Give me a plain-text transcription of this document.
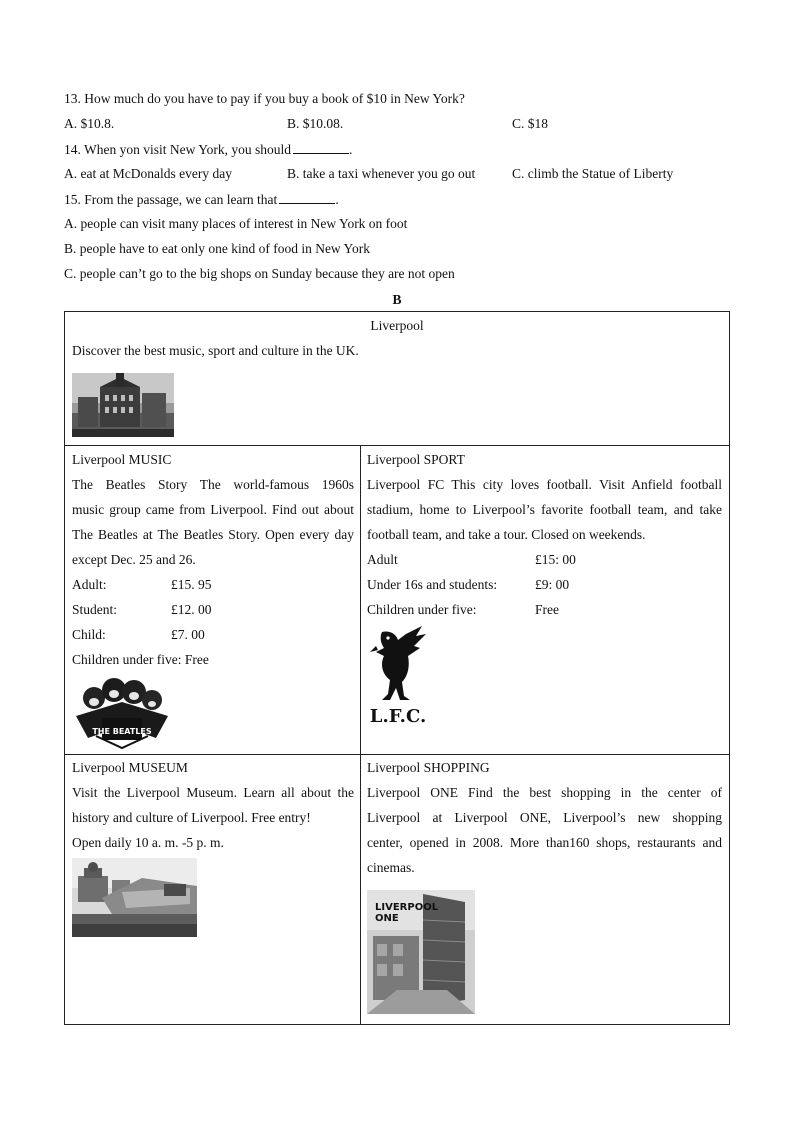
13. How much do you have to pay if you buy a book of $10 in New York?
A. $10.8.	B. $10.08.	C. $18
14. When yon visit New York, you should	.
A. eat at McDonalds every day	B. take a taxi whenever you go out	C. climb the Statue of Liberty
15. From the passage, we can learn that	.
A. people can visit many places of interest in New York on foot
B. people have to eat only one kind of food in New York
C. people can’t go to the big shops on Sunday because they are not open
B
Liverpool
Discover the best music, sport and culture in the UK.
Liverpool MUSIC
The Beatles Story The world-famous 1960s
music group came from Liverpool. Find out about
The Beatles at The Beatles Story. Open every day
except Dec. 25 and 26.
Adult:	£15. 95
Student:	£12. 00
Child:	£7. 00
Children under five: Free
THE BEATLES
Liverpool SPORT
Liverpool FC This city loves football. Visit Anfield football
stadium, home to Liverpool’s favorite football team, and take
football team, and take a tour. Closed on weekends.
Adult	£15: 00
Under 16s and students:	£9: 00
Children under five:	Free
L.F.C.
Liverpool MUSEUM
Visit the Liverpool Museum. Learn all about the
history and culture of Liverpool. Free entry!
Open daily 10 a. m. -5 p. m.
Liverpool SHOPPING
Liverpool ONE Find the best shopping in the center of
Liverpool at Liverpool ONE, Liverpool’s new shopping
center, opened in 2008. More than160 shops, restaurants and
cinemas.
LIVERPOOL
ONE
